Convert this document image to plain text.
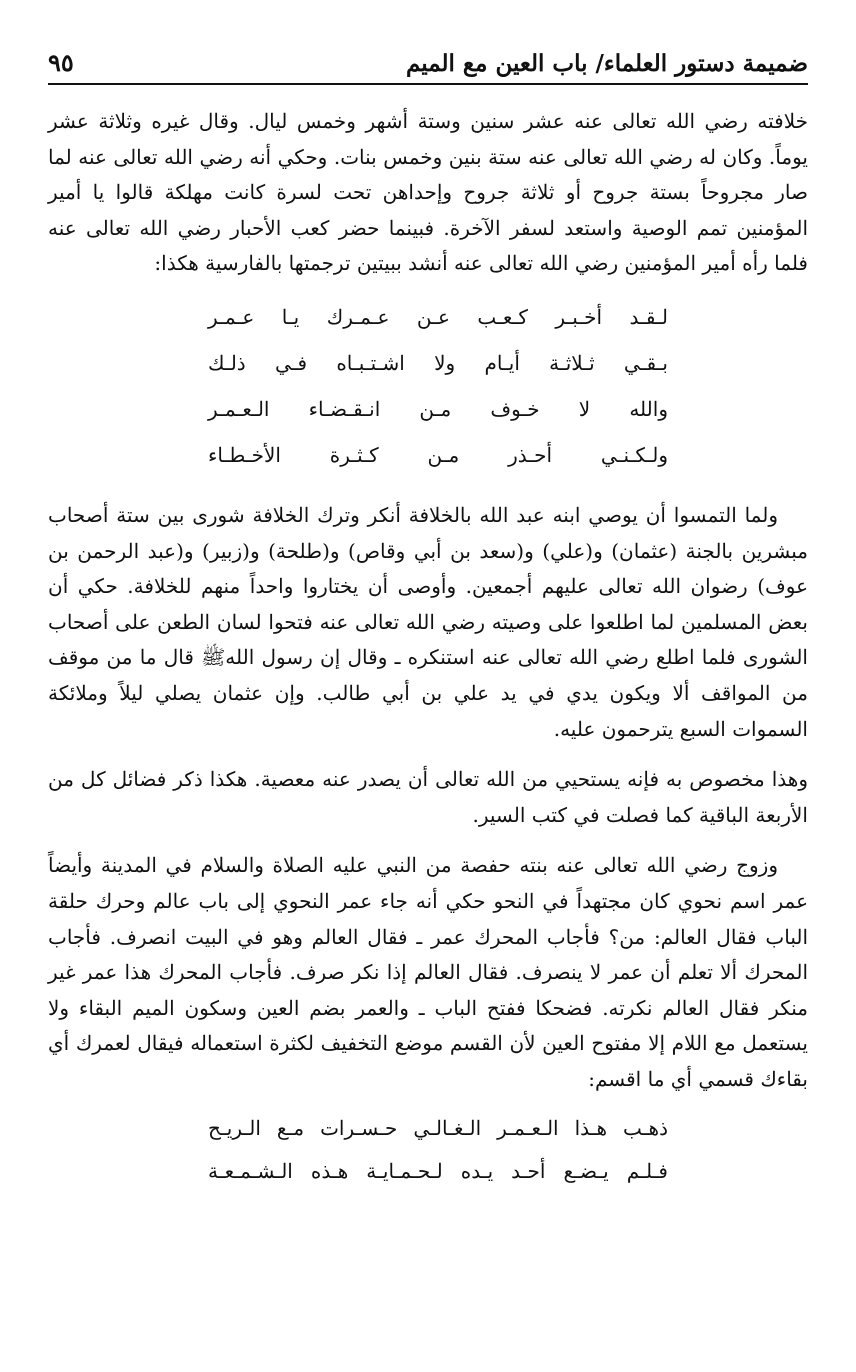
ضميمة دستور العلماء/ باب العين مع الميم
٩٥

خلافته رضي الله تعالى عنه عشر سنين وستة أشهر وخمس ليال. وقال غيره وثلاثة عشر يوماً. وكان له رضي الله تعالى عنه ستة بنين وخمس بنات. وحكي أنه رضي الله تعالى عنه لما صار مجروحاً بستة جروح أو ثلاثة جروح وإحداهن تحت لسرة كانت مهلكة قالوا يا أمير المؤمنين تمم الوصية واستعد لسفر الآخرة. فبينما حضر كعب الأحبار رضي الله تعالى عنه فلما رأه أمير المؤمنين رضي الله تعالى عنه أنشد ببيتين ترجمتها بالفارسية هكذا:

لـقـد أخـبـر كـعـب عـن عـمـرك يـا عـمـر
بـقـي ثـلاثـة أيـام ولا اشـتـبـاه فـي ذلـك
والله لا خـوف مـن انـقـضـاء الـعـمـر
ولـكـنـي أحـذر مـن كـثـرة الأخـطـاء

ولما التمسوا أن يوصي ابنه عبد الله بالخلافة أنكر وترك الخلافة شورى بين ستة أصحاب مبشرين بالجنة (عثمان) و(علي) و(سعد بن أبي وقاص) و(طلحة) و(زبير) و(عبد الرحمن بن عوف) رضوان الله تعالى عليهم أجمعين. وأوصى أن يختاروا واحداً منهم للخلافة. حكي أن بعض المسلمين لما اطلعوا على وصيته رضي الله تعالى عنه فتحوا لسان الطعن على أصحاب الشورى فلما اطلع رضي الله تعالى عنه استنكره ـ وقال إن رسول اللهﷺ قال ما من موقف من المواقف ألا ويكون يدي في يد علي بن أبي طالب. وإن عثمان يصلي ليلاً وملائكة السموات السبع يترحمون عليه.

وهذا مخصوص به فإنه يستحيي من الله تعالى أن يصدر عنه معصية. هكذا ذكر فضائل كل من الأربعة الباقية كما فصلت في كتب السير.

وزوج رضي الله تعالى عنه بنته حفصة من النبي عليه الصلاة والسلام في المدينة وأيضاً عمر اسم نحوي كان مجتهداً في النحو حكي أنه جاء عمر النحوي إلى باب عالم وحرك حلقة الباب فقال العالم: من؟ فأجاب المحرك عمر ـ فقال العالم وهو في البيت انصرف. فأجاب المحرك ألا تعلم أن عمر لا ينصرف. فقال العالم إذا نكر صرف. فأجاب المحرك هذا عمر غير منكر فقال العالم نكرته. فضحكا ففتح الباب ـ والعمر بضم العين وسكون الميم البقاء ولا يستعمل مع اللام إلا مفتوح العين لأن القسم موضع التخفيف لكثرة استعماله فيقال لعمرك أي بقاءك قسمي أي ما اقسم:

ذهـب هـذا الـعـمـر الـغـالـي حـسـرات مـع الـريـح
فـلـم يـضـع أحـد يـده لـحـمـايـة هـذه الـشـمـعـة
